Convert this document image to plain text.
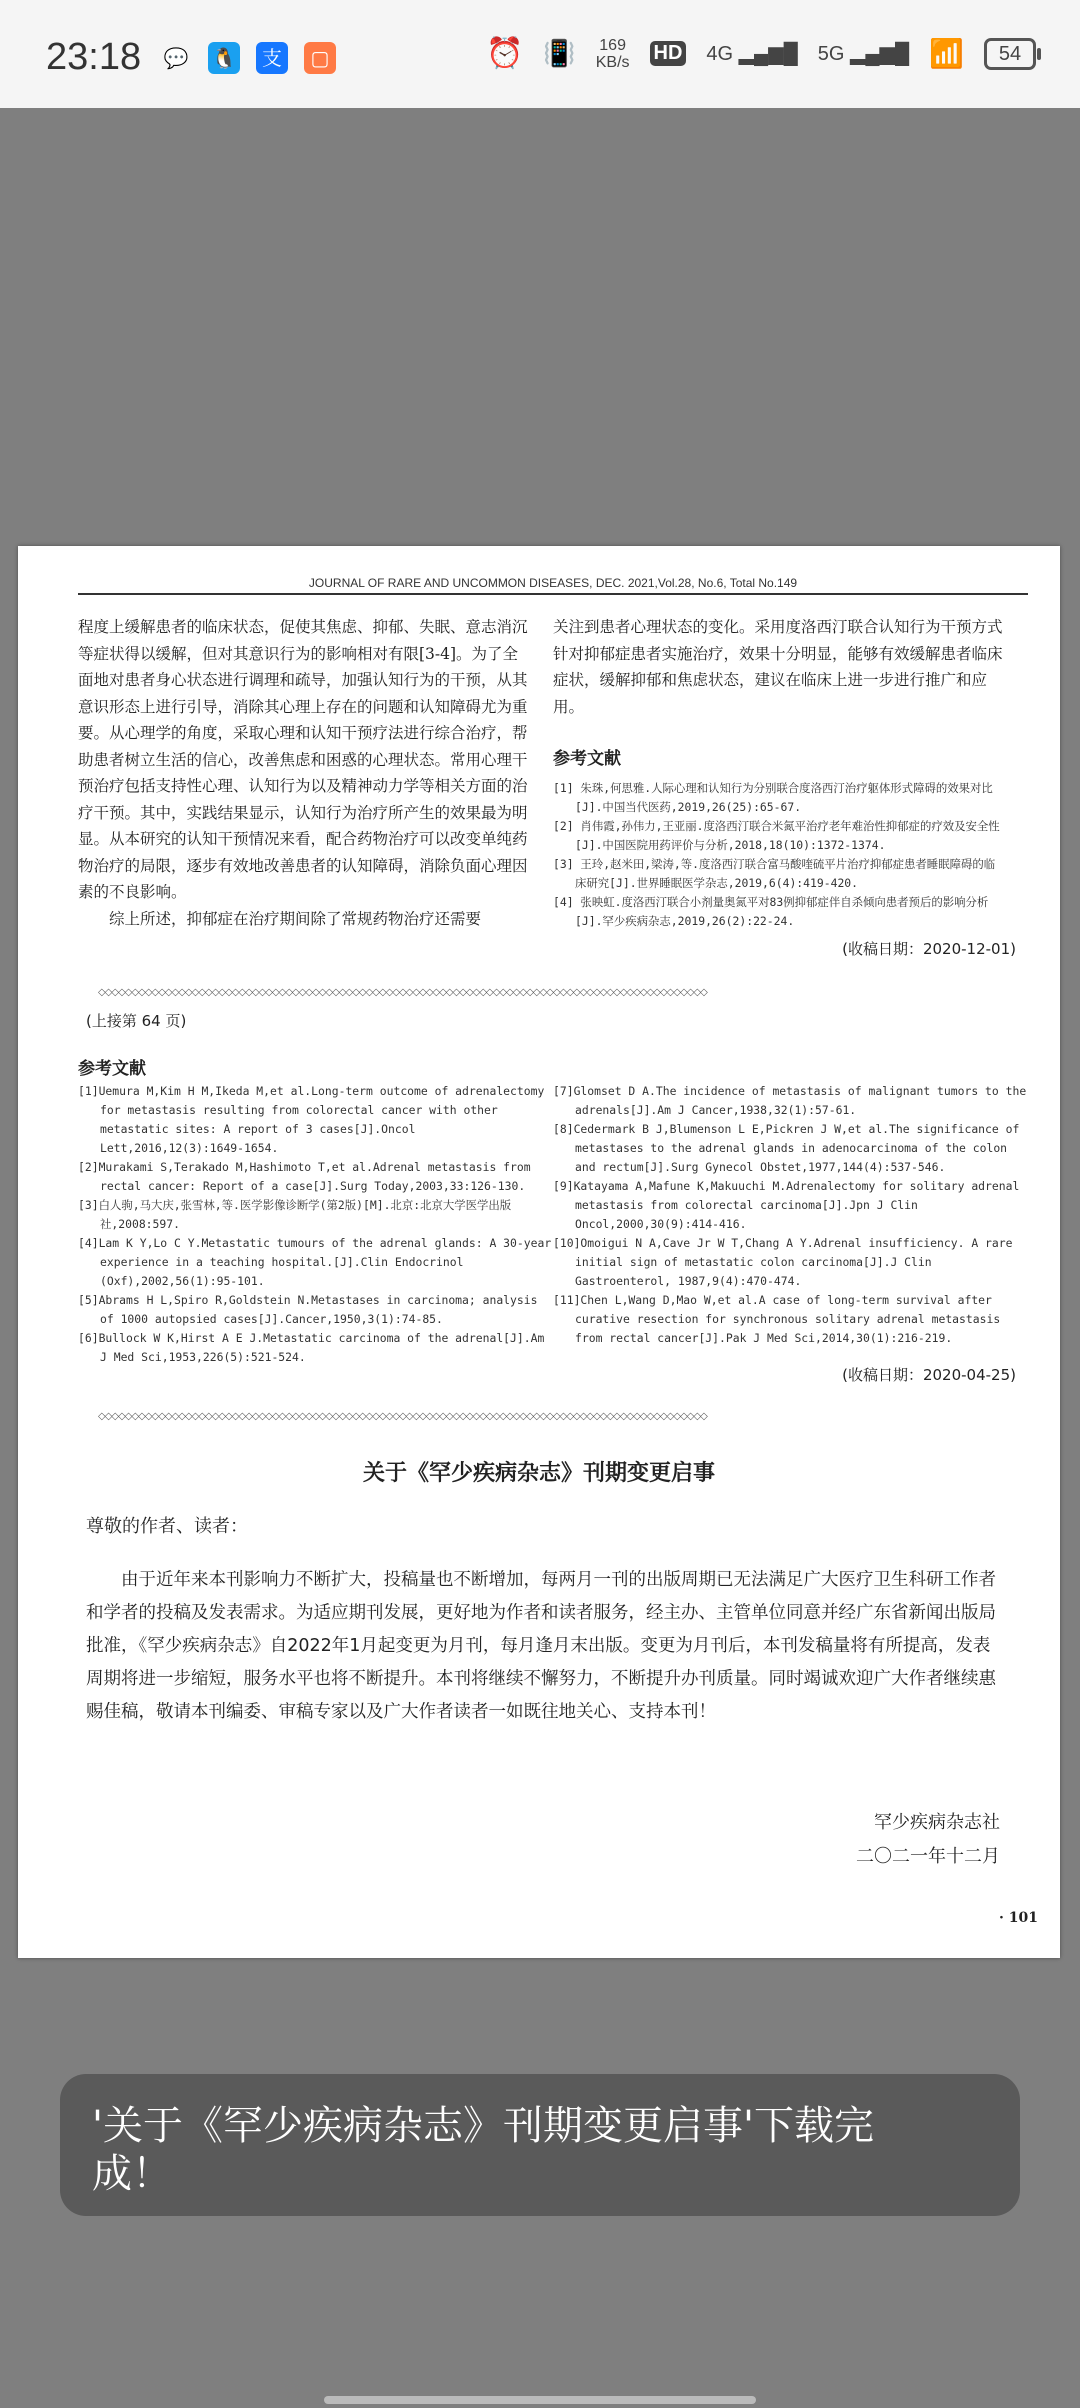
23:18 💬 🐧	支	▢	⏰ 📳 169
KB/s HD 4G ▂▄▆█ 5G ▂▄▆█ 📶	54
JOURNAL OF RARE AND UNCOMMON DISEASES, DEC. 2021,Vol.28, No.6, Total No.149
程度上缓解患者的临床状态，促使其焦虑、抑郁、失眠、意志消沉等症状得以缓解，但对其意识行为的影响相对有限[3-4]。为了全面地对患者身心状态进行调理和疏导，加强认知行为的干预，从其意识形态上进行引导，消除其心理上存在的问题和认知障碍尤为重要。从心理学的角度，采取心理和认知干预疗法进行综合治疗，帮助患者树立生活的信心，改善焦虑和困惑的心理状态。常用心理干预治疗包括支持性心理、认知行为以及精神动力学等相关方面的治疗干预。其中，实践结果显示，认知行为治疗所产生的效果最为明显。从本研究的认知干预情况来看，配合药物治疗可以改变单纯药物治疗的局限，逐步有效地改善患者的认知障碍，消除负面心理因素的不良影响。
综上所述，抑郁症在治疗期间除了常规药物治疗还需要
关注到患者心理状态的变化。采用度洛西汀联合认知行为干预方式针对抑郁症患者实施治疗，效果十分明显，能够有效缓解患者临床症状，缓解抑郁和焦虑状态，建议在临床上进一步进行推广和应用。
参考文献

[1] 朱珠,何思雅.人际心理和认知行为分别联合度洛西汀治疗躯体形式障碍的效果对比[J].中国当代医药,2019,26(25):65-67.

[2] 肖伟霞,孙伟力,王亚丽.度洛西汀联合米氮平治疗老年难治性抑郁症的疗效及安全性[J].中国医院用药评价与分析,2018,18(10):1372-1374.

[3] 王玲,赵米田,梁涛,等.度洛西汀联合富马酸喹硫平片治疗抑郁症患者睡眠障碍的临床研究[J].世界睡眠医学杂志,2019,6(4):419-420.

[4] 张映虹.度洛西汀联合小剂量奥氮平对83例抑郁症伴自杀倾向患者预后的影响分析[J].罕少疾病杂志,2019,26(2):22-24.

(收稿日期：2020-12-01)
◇◇◇◇◇◇◇◇◇◇◇◇◇◇◇◇◇◇◇◇◇◇◇◇◇◇◇◇◇◇◇◇◇◇◇◇◇◇◇◇◇◇◇◇◇◇◇◇◇◇◇◇◇◇◇◇◇◇◇◇◇◇◇◇◇◇◇◇◇◇◇◇◇◇◇◇◇◇◇◇◇◇◇◇◇◇◇◇◇◇◇
(上接第 64 页)
参考文献

[1]Uemura M,Kim H M,Ikeda M,et al.Long-term outcome of adrenalectomy for metastasis resulting from colorectal cancer with other metastatic sites: A report of 3 cases[J].Oncol Lett,2016,12(3):1649-1654.

[2]Murakami S,Terakado M,Hashimoto T,et al.Adrenal metastasis from rectal cancer: Report of a case[J].Surg Today,2003,33:126-130.

[3]白人驹,马大庆,张雪林,等.医学影像诊断学(第2版)[M].北京:北京大学医学出版社,2008:597.

[4]Lam K Y,Lo C Y.Metastatic tumours of the adrenal glands: A 30-year experience in a teaching hospital.[J].Clin Endocrinol (Oxf),2002,56(1):95-101.

[5]Abrams H L,Spiro R,Goldstein N.Metastases in carcinoma; analysis of 1000 autopsied cases[J].Cancer,1950,3(1):74-85.

[6]Bullock W K,Hirst A E J.Metastatic carcinoma of the adrenal[J].Am J Med Sci,1953,226(5):521-524.

[7]Glomset D A.The incidence of metastasis of malignant tumors to the adrenals[J].Am J Cancer,1938,32(1):57-61.

[8]Cedermark B J,Blumenson L E,Pickren J W,et al.The significance of metastases to the adrenal glands in adenocarcinoma of the colon and rectum[J].Surg Gynecol Obstet,1977,144(4):537-546.

[9]Katayama A,Mafune K,Makuuchi M.Adrenalectomy for solitary adrenal metastasis from colorectal carcinoma[J].Jpn J Clin Oncol,2000,30(9):414-416.

[10]Omoigui N A,Cave Jr W T,Chang A Y.Adrenal insufficiency. A rare initial sign of metastatic colon carcinoma[J].J Clin Gastroenterol, 1987,9(4):470-474.

[11]Chen L,Wang D,Mao W,et al.A case of long-term survival after curative resection for synchronous solitary adrenal metastasis from rectal cancer[J].Pak J Med Sci,2014,30(1):216-219.

(收稿日期：2020-04-25)
◇◇◇◇◇◇◇◇◇◇◇◇◇◇◇◇◇◇◇◇◇◇◇◇◇◇◇◇◇◇◇◇◇◇◇◇◇◇◇◇◇◇◇◇◇◇◇◇◇◇◇◇◇◇◇◇◇◇◇◇◇◇◇◇◇◇◇◇◇◇◇◇◇◇◇◇◇◇◇◇◇◇◇◇◇◇◇◇◇◇◇
关于《罕少疾病杂志》刊期变更启事
尊敬的作者、读者：
由于近年来本刊影响力不断扩大，投稿量也不断增加，每两月一刊的出版周期已无法满足广大医疗卫生科研工作者和学者的投稿及发表需求。为适应期刊发展，更好地为作者和读者服务，经主办、主管单位同意并经广东省新闻出版局批准，《罕少疾病杂志》自2022年1月起变更为月刊，每月逢月末出版。变更为月刊后，本刊发稿量将有所提高，发表周期将进一步缩短，服务水平也将不断提升。本刊将继续不懈努力，不断提升办刊质量。同时竭诚欢迎广大作者继续惠赐佳稿，敬请本刊编委、审稿专家以及广大作者读者一如既往地关心、支持本刊！
罕少疾病杂志社
二〇二一年十二月
· 101
'关于《罕少疾病杂志》刊期变更启事'下载完成！
